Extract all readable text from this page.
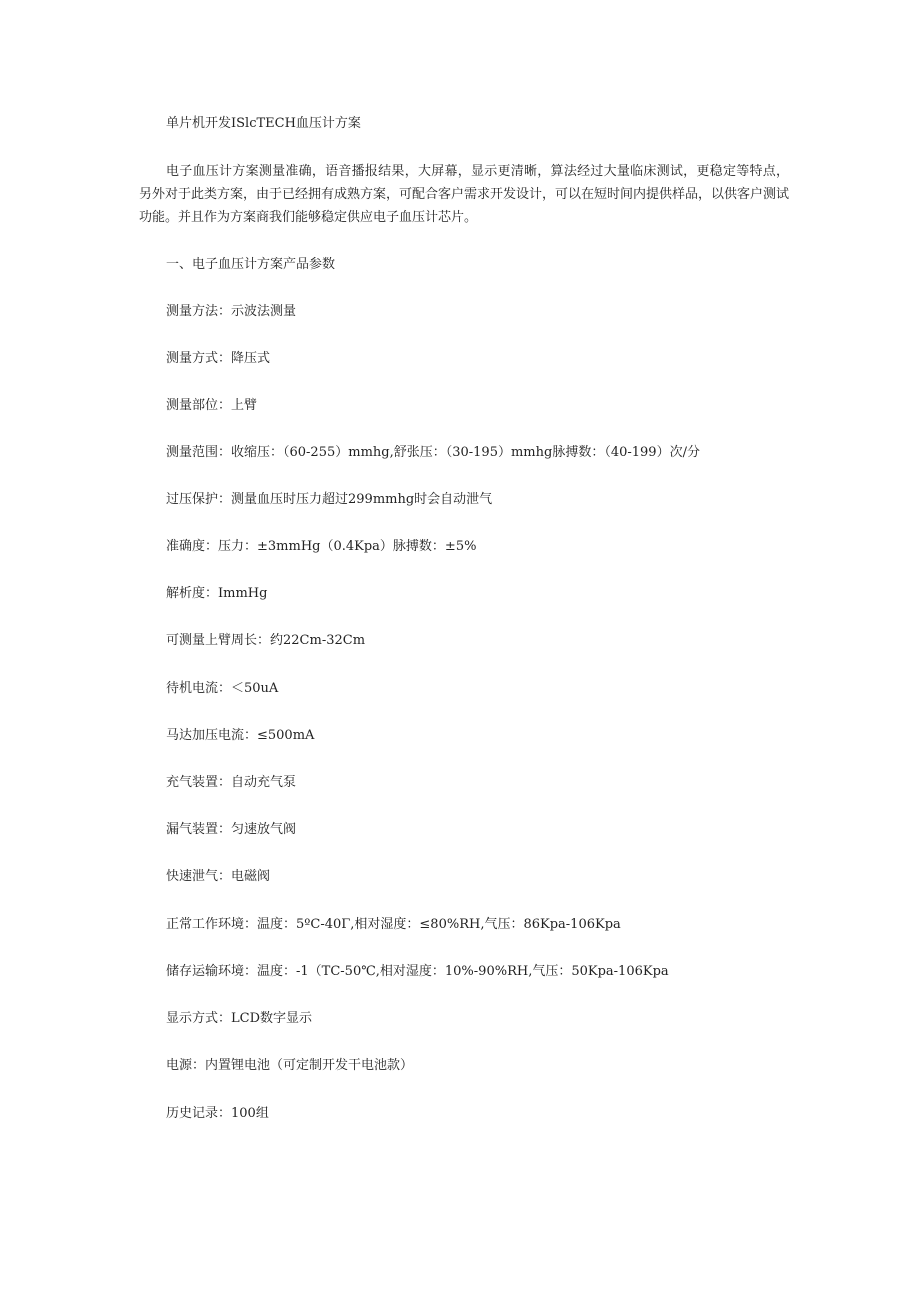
单片机开发ISlcTECH血压计方案

电子血压计方案测量准确，语音播报结果，大屏幕，显示更清晰，算法经过大量临床测试，更稳定等特点，另外对于此类方案，由于已经拥有成熟方案，可配合客户需求开发设计，可以在短时间内提供样品，以供客户测试功能。并且作为方案商我们能够稳定供应电子血压计芯片。

一、电子血压计方案产品参数

测量方法：示波法测量

测量方式：降压式

测量部位：上臂

测量范围：收缩压：（60-255）mmhg,舒张压：（30-195）mmhg脉搏数：（40-199）次/分

过压保护：测量血压时压力超过299mmhg时会自动泄气

准确度：压力：±3mmHg（0.4Kpa）脉搏数：±5%

解析度：ImmHg

可测量上臂周长：约22Cm-32Cm

待机电流：＜50uA

马达加压电流：≤500mA

充气装置：自动充气泵

漏气装置：匀速放气阀

快速泄气：电磁阀

正常工作环境：温度：5ºC-40Γ,相对湿度：≤80%RH,气压：86Kpa-106Kpa

储存运输环境：温度：-1（TC-50℃,相对湿度：10%-90%RH,气压：50Kpa-106Kpa

显示方式：LCD数字显示

电源：内置锂电池（可定制开发干电池款）

历史记录：100组
